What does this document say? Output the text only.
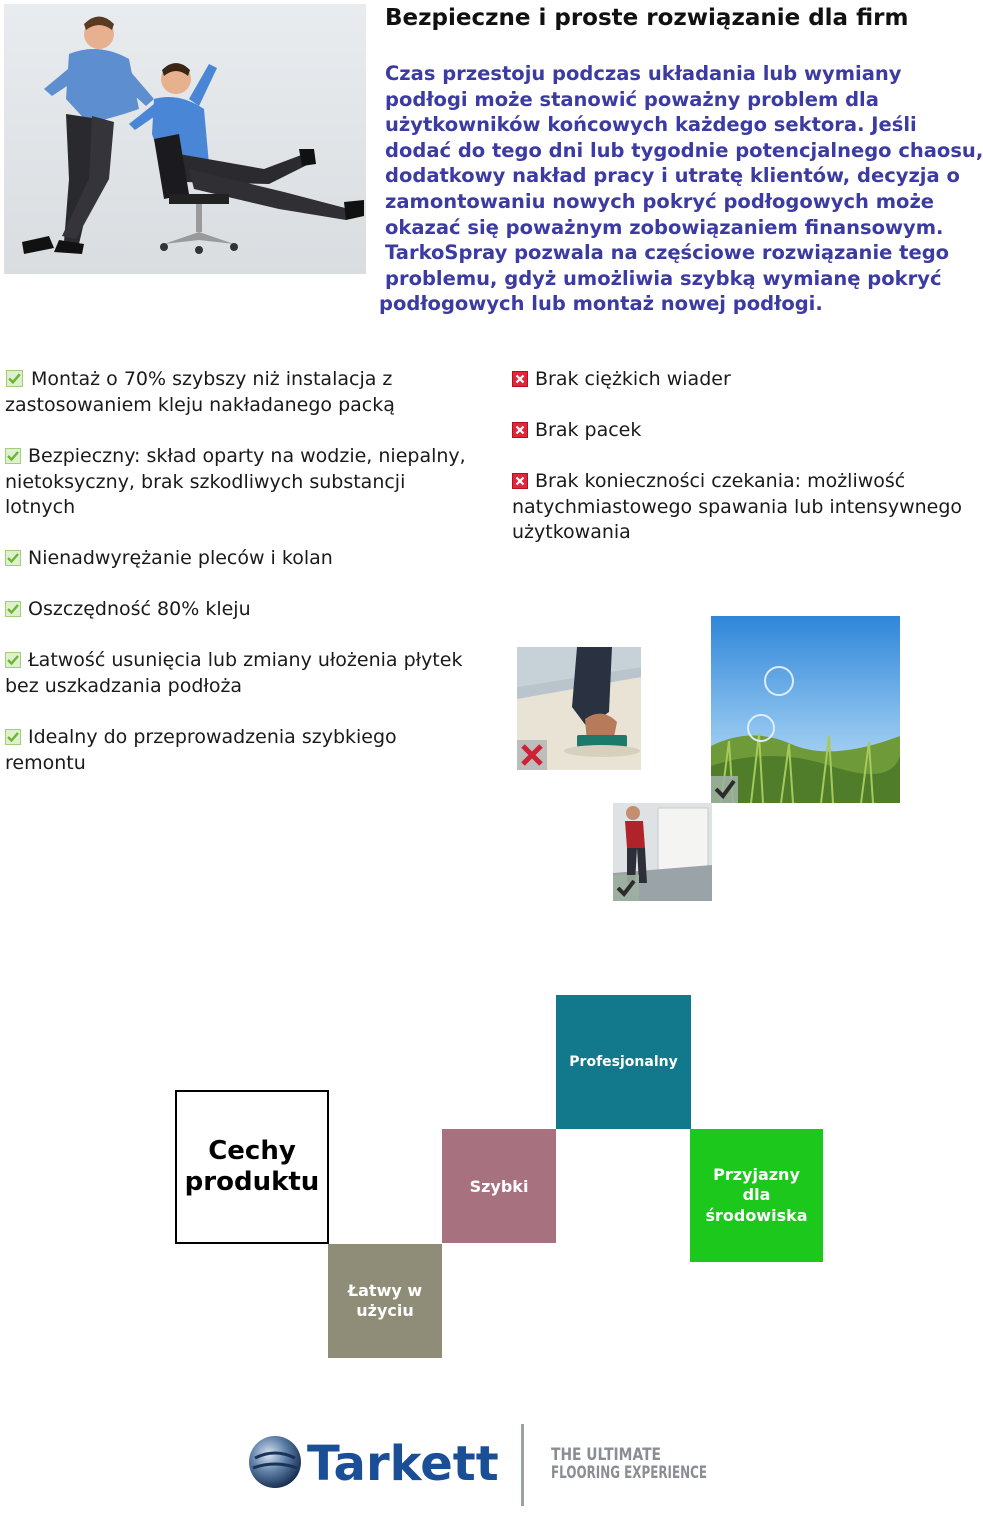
Bezpieczne i proste rozwiązanie dla firm
Czas przestoju podczas układania lub wymiany
podłogi może stanowić poważny problem dla
użytkowników końcowych każdego sektora. Jeśli
dodać do tego dni lub tygodnie potencjalnego chaosu,
dodatkowy nakład pracy i utratę klientów, decyzja o
zamontowaniu nowych pokryć podłogowych może
okazać się poważnym zobowiązaniem finansowym.
TarkoSpray pozwala na częściowe rozwiązanie tego
problemu, gdyż umożliwia szybką wymianę pokryć
podłogowych lub montaż nowej podłogi.
Montaż o 70% szybszy niż instalacja z
zastosowaniem kleju nakładanego packą
Bezpieczny: skład oparty na wodzie, niepalny,
nietoksyczny, brak szkodliwych substancji
lotnych
Nienadwyrężanie pleców i kolan
Oszczędność 80% kleju
Łatwość usunięcia lub zmiany ułożenia płytek
bez uszkadzania podłoża
Idealny do przeprowadzenia szybkiego
remontu
Brak ciężkich wiader
Brak pacek
Brak konieczności czekania: możliwość
natychmiastowego spawania lub intensywnego
użytkowania
Cechy
produktu
Profesjonalny
Szybki
Przyjazny
dla
środowiska
Łatwy w
użyciu
Tarkett	THE ULTIMATE
FLOORING EXPERIENCE
